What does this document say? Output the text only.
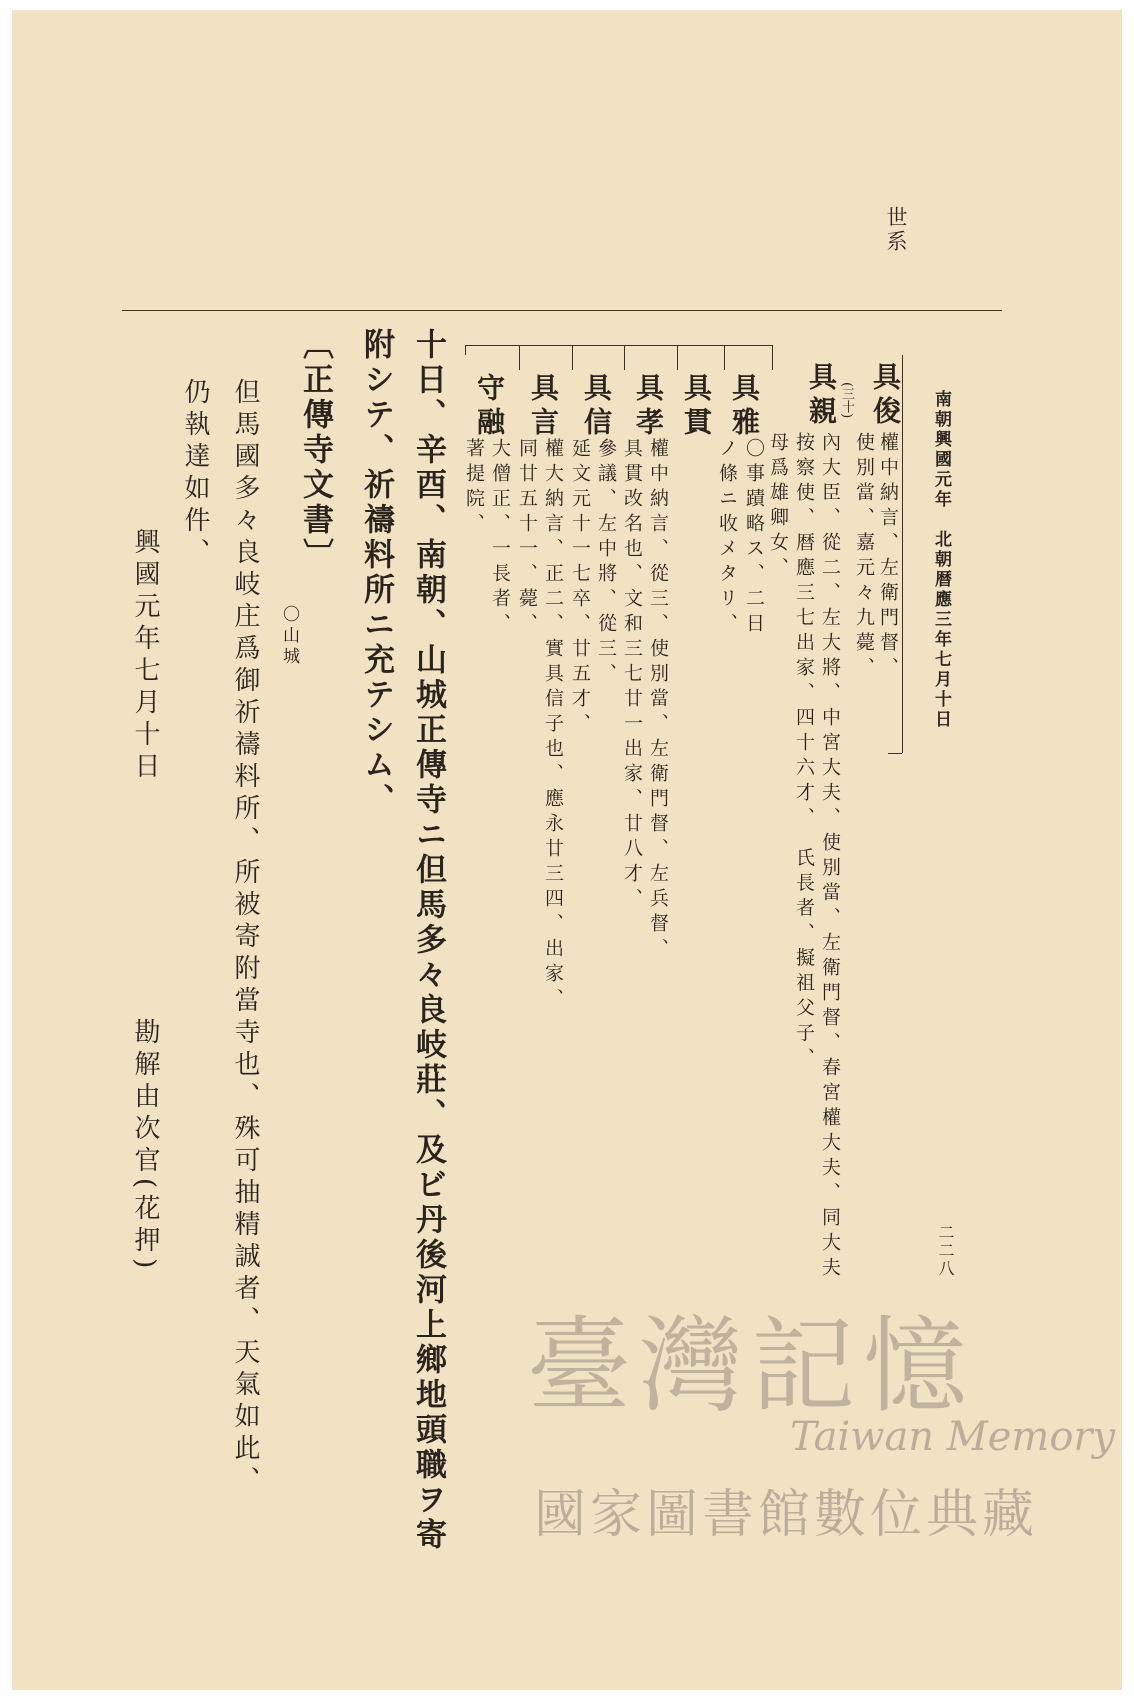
世系
二二八
南朝興國元年　北朝暦應三年七月十日
具俊
權中納言、左衛門督、
使別當、嘉元々九薨、
(三十)
具親
內大臣、從二、左大將、中宮大夫、使別當、左衛門督、春宮權大夫、同大夫
按察使、暦應三七出家、四十六才、　氏長者、擬祖父子、
母爲雄卿女、
具雅
〇事蹟略ス、二日
ノ條ニ收メタリ、
具貫
具孝
權中納言、從三、使別當、左衛門督、左兵督、
具貫改名也、文和三七廿一出家、廿八才、
具信
參議、左中將、從三、
延文元十一七卒、廿五才、
具言
權大納言、正二、實具信子也、應永廿三四、出家、
同廿五十一、薨、
守融
大僧正、一長者、
著提院、
十日、辛酉、南朝、山城正傳寺ニ但馬多々良岐莊、及ビ丹後河上鄉地頭職ヲ寄
附シテ、祈禱料所ニ充テシム、
〔正傳寺文書〕
〇山城
但馬國多々良岐庄爲御祈禱料所、所被寄附當寺也、殊可抽精誠者、天氣如此、
仍執達如件、
興國元年七月十日
勘解由次官(花押)
臺灣記憶
Taiwan Memory
國家圖書館數位典藏
